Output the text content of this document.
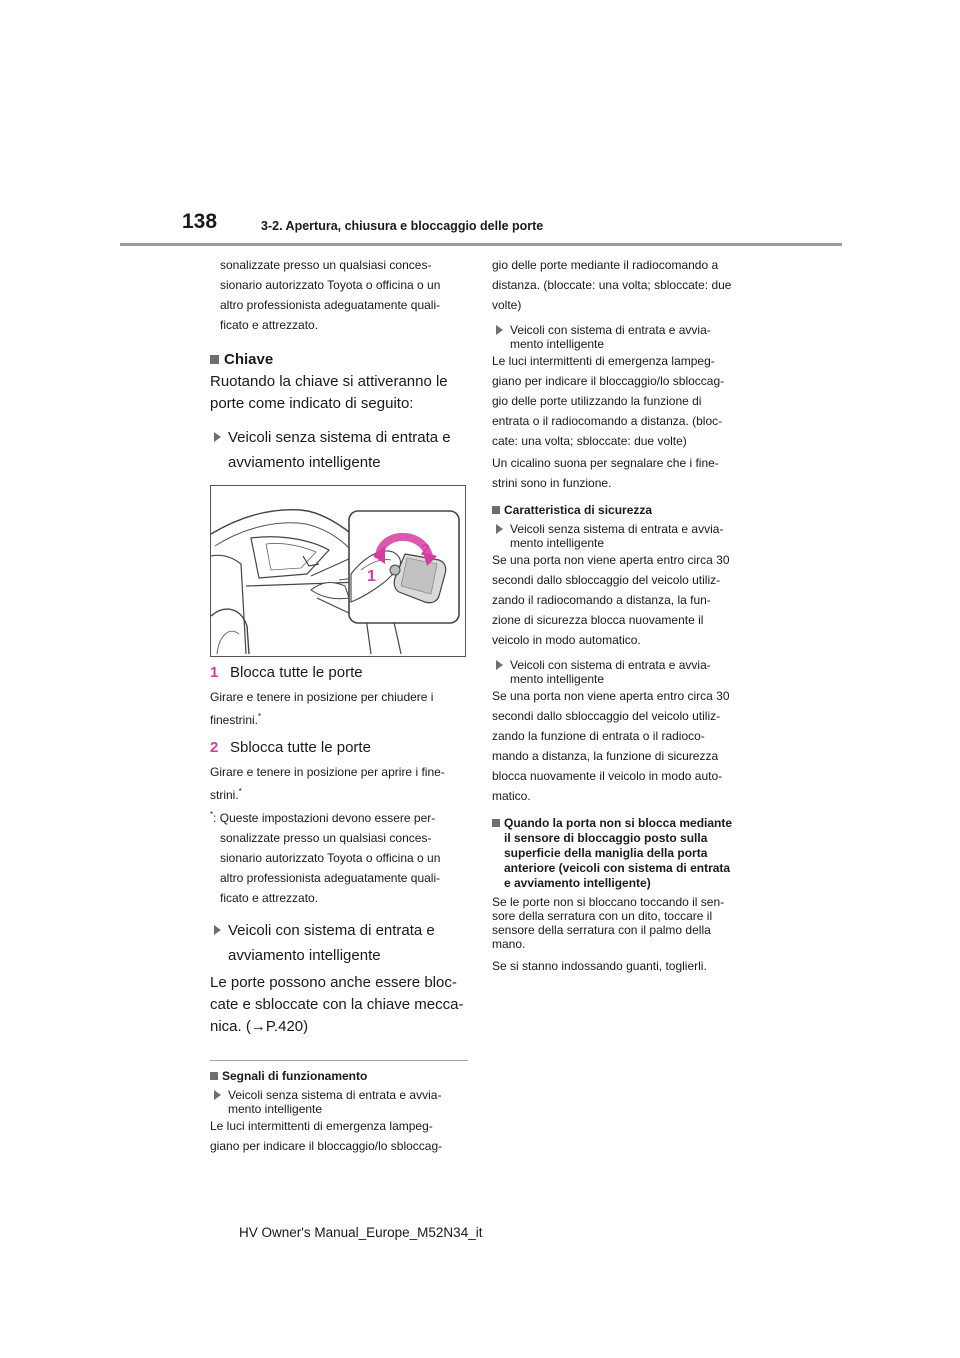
138	3-2. Apertura, chiusura e bloccaggio delle porte

sonalizzate presso un qualsiasi conces-

sionario autorizzato Toyota o officina o un

altro professionista adeguatamente quali-

ficato e attrezzato.

Chiave

Ruotando la chiave si attiveranno le

porte come indicato di seguito:

Veicoli senza sistema di entrata e

avviamento intelligente

1
2
1 Blocca tutte le porte

Girare e tenere in posizione per chiudere i

finestrini.*

2 Sblocca tutte le porte

Girare e tenere in posizione per aprire i fine-

strini.*

*: Queste impostazioni devono essere per-

sonalizzate presso un qualsiasi conces-

sionario autorizzato Toyota o officina o un

altro professionista adeguatamente quali-

ficato e attrezzato.

Veicoli con sistema di entrata e

avviamento intelligente

Le porte possono anche essere bloc-

cate e sbloccate con la chiave mecca-

nica. (→P.420)

Segnali di funzionamento

Veicoli senza sistema di entrata e avvia-

mento intelligente

Le luci intermittenti di emergenza lampeg-

giano per indicare il bloccaggio/lo sbloccag-

gio delle porte mediante il radiocomando a

distanza. (bloccate: una volta; sbloccate: due

volte)

Veicoli con sistema di entrata e avvia-

mento intelligente

Le luci intermittenti di emergenza lampeg-

giano per indicare il bloccaggio/lo sbloccag-

gio delle porte utilizzando la funzione di

entrata o il radiocomando a distanza. (bloc-

cate: una volta; sbloccate: due volte)

Un cicalino suona per segnalare che i fine-

strini sono in funzione.

Caratteristica di sicurezza

Veicoli senza sistema di entrata e avvia-

mento intelligente

Se una porta non viene aperta entro circa 30

secondi dallo sbloccaggio del veicolo utiliz-

zando il radiocomando a distanza, la fun-

zione di sicurezza blocca nuovamente il

veicolo in modo automatico.

Veicoli con sistema di entrata e avvia-

mento intelligente

Se una porta non viene aperta entro circa 30

secondi dallo sbloccaggio del veicolo utiliz-

zando la funzione di entrata o il radioco-

mando a distanza, la funzione di sicurezza

blocca nuovamente il veicolo in modo auto-

matico.

Quando la porta non si blocca mediante

il sensore di bloccaggio posto sulla

superficie della maniglia della porta

anteriore (veicoli con sistema di entrata

e avviamento intelligente)

Se le porte non si bloccano toccando il sen-

sore della serratura con un dito, toccare il

sensore della serratura con il palmo della

mano.

Se si stanno indossando guanti, toglierli.

HV Owner's Manual_Europe_M52N34_it
